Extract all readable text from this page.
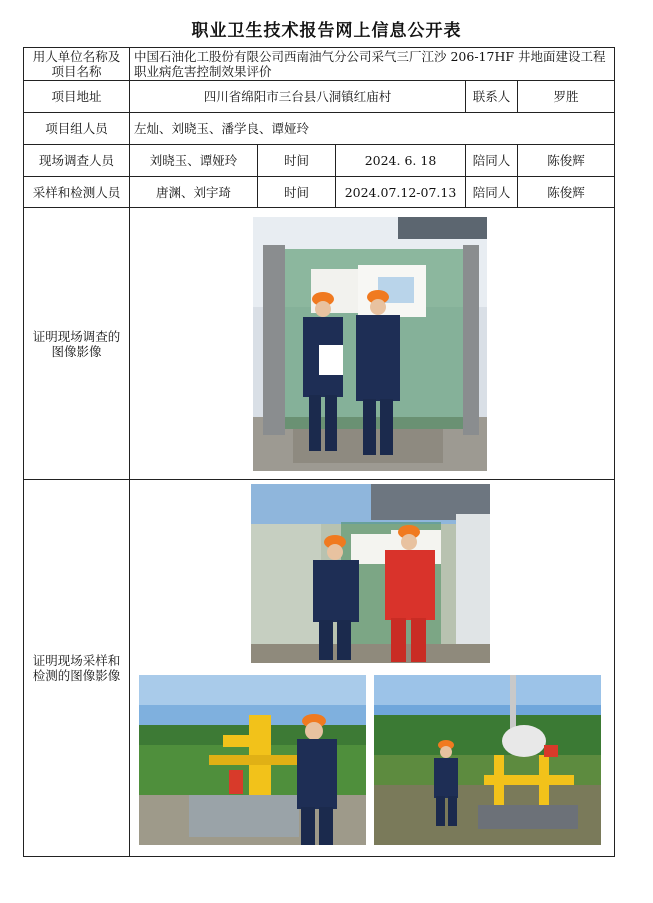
职业卫生技术报告网上信息公开表
用人单位名称及项目名称	中国石油化工股份有限公司西南油气分公司采气三厂江沙 206-17HF 井地面建设工程职业病危害控制效果评价				
项目地址	四川省绵阳市三台县八洞镇红庙村			联系人	罗胜
项目组人员	左灿、刘晓玉、潘学良、谭娅玲				
现场调查人员	刘晓玉、谭娅玲	时间	2024. 6. 18	陪同人	陈俊辉
采样和检测人员	唐渊、刘宇琦	时间	2024.07.12-07.13	陪同人	陈俊辉
证明现场调查的图像影像					
证明现场采样和检测的图像影像					
